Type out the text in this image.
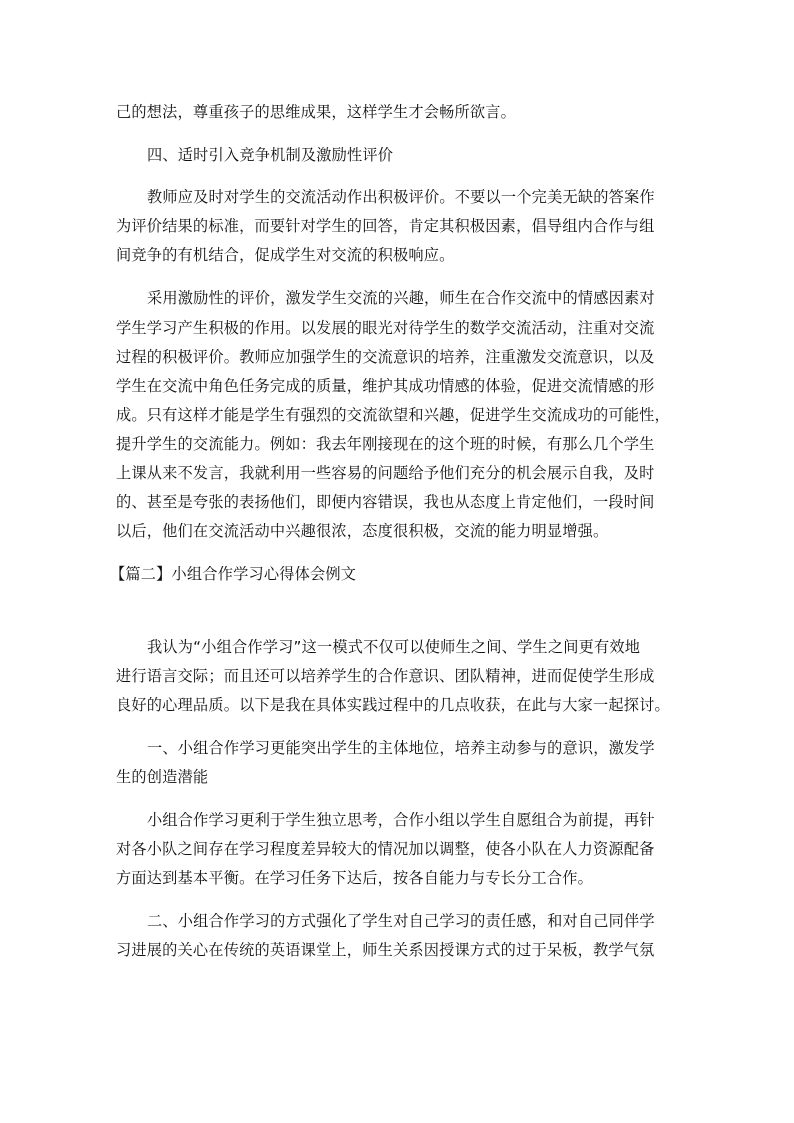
己的想法，尊重孩子的思维成果，这样学生才会畅所欲言。
四、适时引入竞争机制及激励性评价
教师应及时对学生的交流活动作出积极评价。不要以一个完美无缺的答案作
为评价结果的标准，而要针对学生的回答，肯定其积极因素，倡导组内合作与组
间竞争的有机结合，促成学生对交流的积极响应。
采用激励性的评价，激发学生交流的兴趣，师生在合作交流中的情感因素对
学生学习产生积极的作用。以发展的眼光对待学生的数学交流活动，注重对交流
过程的积极评价。教师应加强学生的交流意识的培养，注重激发交流意识，以及
学生在交流中角色任务完成的质量，维护其成功情感的体验，促进交流情感的形
成。只有这样才能是学生有强烈的交流欲望和兴趣，促进学生交流成功的可能性，
提升学生的交流能力。例如：我去年刚接现在的这个班的时候，有那么几个学生
上课从来不发言，我就利用一些容易的问题给予他们充分的机会展示自我，及时
的、甚至是夸张的表扬他们，即便内容错误，我也从态度上肯定他们，一段时间
以后，他们在交流活动中兴趣很浓，态度很积极，交流的能力明显增强。
【篇二】小组合作学习心得体会例文
我认为“小组合作学习”这一模式不仅可以使师生之间、学生之间更有效地
进行语言交际；而且还可以培养学生的合作意识、团队精神，进而促使学生形成
良好的心理品质。以下是我在具体实践过程中的几点收获，在此与大家一起探讨。
一、小组合作学习更能突出学生的主体地位，培养主动参与的意识，激发学
生的创造潜能
小组合作学习更利于学生独立思考，合作小组以学生自愿组合为前提，再针
对各小队之间存在学习程度差异较大的情况加以调整，使各小队在人力资源配备
方面达到基本平衡。在学习任务下达后，按各自能力与专长分工合作。
二、小组合作学习的方式强化了学生对自己学习的责任感，和对自己同伴学
习进展的关心在传统的英语课堂上，师生关系因授课方式的过于呆板，教学气氛
